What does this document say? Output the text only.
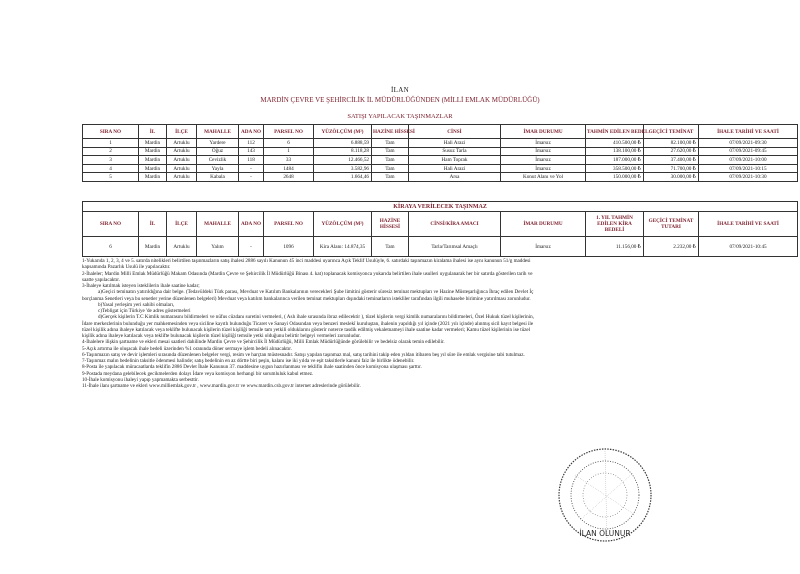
İLAN
MARDİN ÇEVRE VE ŞEHİRCİLİK İL MÜDÜRLÜĞÜNDEN (MİLLİ EMLAK MÜDÜRLÜĞÜ)
SATIŞI YAPILACAK TAŞINMAZLAR
SIRA NO	İL	İLÇE	MAHALLE	ADA NO	PARSEL NO	YÜZÖLÇÜM (M²)	HAZİNE HİSSESİ	CİNSİ	İMAR DURUMU	TAHMİN EDİLEN BEDEL	GEÇİCİ TEMİNAT	İHALE TARİHİ VE SAATİ
1	Mardin	Artuklu	Yardere	112	6	6.888,59	Tam	Hali Arazi	İmarsız	410.500,00 ₺	82.100,00 ₺	07/09/2021-09:30
2	Mardin	Artuklu	Oğuz	143	1	8.118,28	Tam	Susuz Tarla	İmarsız	138.100,00 ₺	27.620,00 ₺	07/09/2021-09:45
3	Mardin	Artuklu	Cevizlik	118	33	12.466,52	Tam	Ham Toprak	İmarsız	187.000,00 ₺	37.400,00 ₺	07/09/2021-10:00
4	Mardin	Artuklu	Yayla	-	1484	3.582,96	Tam	Hali Arazi	İmarsız	358.500,00 ₺	71.700,00 ₺	07/09/2021-10:15
5	Mardin	Artuklu	Kabala	-	2648	1.664,46	Tam	Arsa	Konut Alanı ve Yol	150.000,00 ₺	30.000,00 ₺	07/09/2021-10:30
KİRAYA VERİLECEK TAŞINMAZ												
SIRA NO	İL	İLÇE	MAHALLE	ADA NO	PARSEL NO	YÜZÖLÇÜM (M²)	HAZİNE HİSSESİ	CİNSİ/KİRA AMACI	İMAR DURUMU	1. YIL TAHMİN EDİLEN KİRA BEDELİ	GEÇİCİ TEMİNAT TUTARI	İHALE TARİHİ VE SAATİ
6	Mardin	Artuklu	Yalım	-	1096	Kira Alanı: 14.874,35	Tam	Tarla/Tarımsal Amaçlı	İmarsız	11.156,00 ₺	2.232,00 ₺	07/09/2021-10:45
1-Yukarıda 1, 2, 3, 4 ve 5. satırda nitelikleri belirtilen taşınmazların satış ihalesi 2886 sayılı Kanunun 45 inci maddesi uyarınca Açık Teklif Usulüyle, 6. satırdaki taşınmazın kiralama ihalesi ise aynı kanunun 51/g maddesi
kapsamında Pazarlık Usulü ile yapılacaktır.
2-İhaleler; Mardin Milli Emlak Müdürlüğü Makam Odasında (Mardin Çevre ve Şehircilik İl Müdürlüğü Binası 4. kat) toplanacak komisyonca yukarıda belirtilen ihale usulleri uygulanarak her bir satırda gösterilen tarih ve
saatte yapılacaktır.
3-İhaleye katılmak isteyen isteklilerin ihale saatine kadar;
a)Geçici teminatın yatırıldığına dair belge. (Tedavüldeki Türk parası, Mevduat ve Katılım Bankalarının verecekleri Şube limitini gösterir süresiz teminat mektupları ve Hazine Müsteşarlığınca İhraç edilen Devlet İç
borçlanma Senetleri veya bu senetler yerine düzenlenen belgeleri) Mevduat veya katılım bankalarınca verilen teminat mektupları dışındaki teminatların istekliler tarafından ilgili muhasebe birimine yatırılması zorunludur.
b)Yasal yerleşim yeri sahibi olmaları,
c)Tebligat için Türkiye 'de adres göstermeleri
d)Gerçek kişilerin T.C Kimlik numarasını bildirmeleri ve nüfus cüzdanı suretini vermeleri, ( Aslı ihale sırasında ibraz edilecektir ), tüzel kişilerin vergi kimlik numaralarını bildirmeleri, Özel Hukuk tüzel kişilerinin,
İdare merkezlerinin bulunduğu yer mahkemesinden veya siciline kayıtlı bulunduğu Ticaret ve Sanayi Odasından veya benzeri meslekî kuruluştan, ihalenin yapıldığı yıl içinde (2021 yılı içinde) alınmış sicil kayıt belgesi ile
tüzel kişilik adına ihaleye katılacak veya teklifte bulunacak kişilerin tüzel kişiliği temsile tam yetkili olduklarını gösterir noterce tasdik edilmiş vekaletnameyi ihale saatine kadar vermeleri; Kamu tüzel kişilerinin ise tüzel
kişilik adına ihaleye katılacak veya teklifte bulunacak kişilerin tüzel kişiliği temsile yetki olduğunu belirtir belgeyi vermeleri zorunludur.
4-İhalelere ilişkin şartname ve ekleri mesai saatleri dahilinde Mardin Çevre ve Şehircilik İl Müdürlüğü, Milli Emlak Müdürlüğünde görülebilir ve bedelsiz olarak temin edilebilir.
5-Açık artırma ile oluşacak ihale bedeli üzerinden %1 oranında döner sermaye işlem bedeli alınacaktır.
6-Taşınmazın satış ve devir işlemleri sırasında düzenlenen belgeler vergi, resim ve harçtan müstesnadır. Satışı yapılan taşınmaz mal, satış tarihini takip eden yıldan itibaren beş yıl süre ile emlak vergisine tabi tutulmaz.
7-Taşınmaz malın bedelinin taksitle ödenmesi halinde; satış bedelinin en az dörtte biri peşin, kalanı ise iki yılda ve eşit taksitlerle kanuni faiz ile birlikte ödenebilir.
8-Posta ile yapılacak müracaatlarda teklifin 2886 Devlet İhale Kanunun 37. maddesine uygun hazırlanması ve teklifin ihale saatinden önce komisyona ulaşması şarttır.
9-Postada meydana gelebilecek gecikmelerden dolayı İdare veya komisyon herhangi bir sorumluluk kabul etmez.
10-İhale komisyonu ihaleyi yapıp yapmamakta serbesttir.
11-İhale ilanı şartname ve ekleri www.milliemlak.gov.tr , www.mardin.gov.tr ve www.mardin.csb.gov.tr internet adreslerinde görülebilir.
İLAN OLUNUR
